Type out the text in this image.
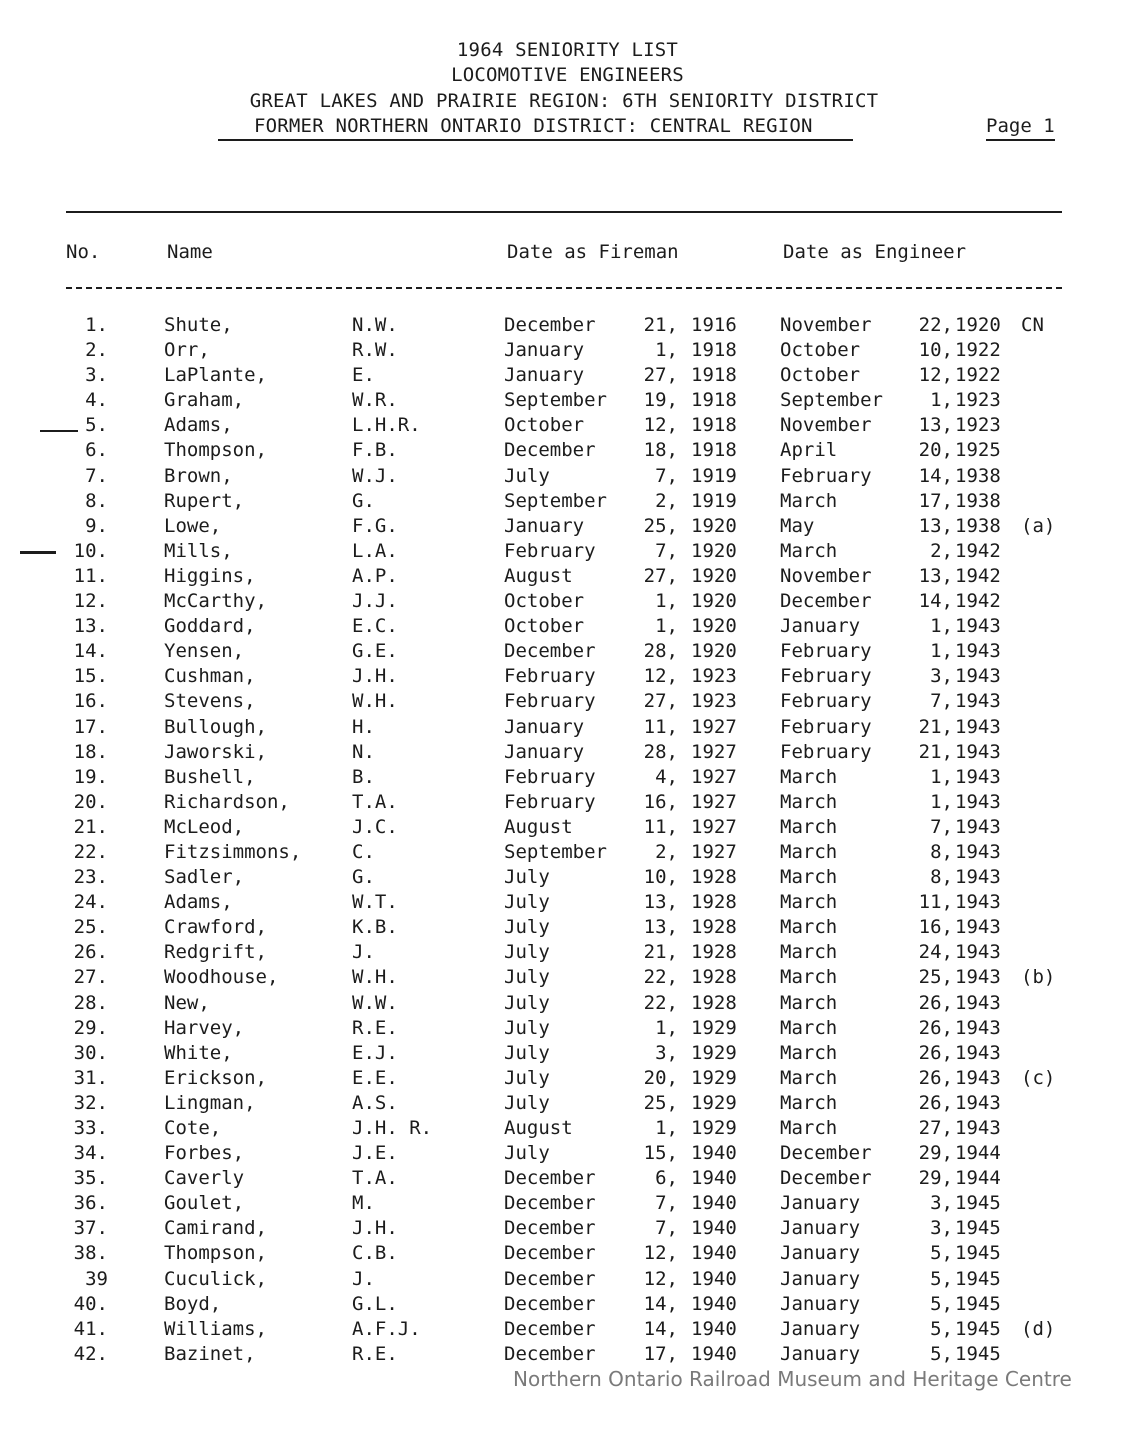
1964 SENIORITY LIST
LOCOMOTIVE ENGINEERS
GREAT LAKES AND PRAIRIE REGION: 6TH SENIORITY DISTRICT
FORMER NORTHERN ONTARIO DISTRICT: CENTRAL REGION	Page 1
No.	Name	Date as Fireman	Date as Engineer
1.	Shute,	N.W.	December	21, 1916 November	22, 1920 CN
2.	Orr,	R.W.	January	1, 1918 October	10, 1922
3.	LaPlante,	E.	January	27, 1918 October	12, 1922
4.	Graham,	W.R.	September	19, 1918 September	1, 1923
5.	Adams,	L.H.R.	October	12, 1918 November	13, 1923
6.	Thompson,	F.B.	December	18, 1918 April	20, 1925
7.	Brown,	W.J.	July	7, 1919 February	14, 1938
8.	Rupert,	G.	September	2, 1919 March	17, 1938
9.	Lowe,	F.G.	January	25, 1920 May	13, 1938 (a)
10.	Mills,	L.A.	February	7, 1920 March	2, 1942
11.	Higgins,	A.P.	August	27, 1920 November	13, 1942
12.	McCarthy,	J.J.	October	1, 1920 December	14, 1942
13.	Goddard,	E.C.	October	1, 1920 January	1, 1943
14.	Yensen,	G.E.	December	28, 1920 February	1, 1943
15.	Cushman,	J.H.	February	12, 1923 February	3, 1943
16.	Stevens,	W.H.	February	27, 1923 February	7, 1943
17.	Bullough,	H.	January	11, 1927 February	21, 1943
18.	Jaworski,	N.	January	28, 1927 February	21, 1943
19.	Bushell,	B.	February	4, 1927 March	1, 1943
20.	Richardson,	T.A.	February	16, 1927 March	1, 1943
21.	McLeod,	J.C.	August	11, 1927 March	7, 1943
22.	Fitzsimmons,	C.	September	2, 1927 March	8, 1943
23.	Sadler,	G.	July	10, 1928 March	8, 1943
24.	Adams,	W.T.	July	13, 1928 March	11, 1943
25.	Crawford,	K.B.	July	13, 1928 March	16, 1943
26.	Redgrift,	J.	July	21, 1928 March	24, 1943
27.	Woodhouse,	W.H.	July	22, 1928 March	25, 1943 (b)
28.	New,	W.W.	July	22, 1928 March	26, 1943
29.	Harvey,	R.E.	July	1, 1929 March	26, 1943
30.	White,	E.J.	July	3, 1929 March	26, 1943
31.	Erickson,	E.E.	July	20, 1929 March	26, 1943 (c)
32.	Lingman,	A.S.	July	25, 1929 March	26, 1943
33.	Cote,	J.H. R.	August	1, 1929 March	27, 1943
34.	Forbes,	J.E.	July	15, 1940 December	29, 1944
35.	Caverly	T.A.	December	6, 1940 December	29, 1944
36.	Goulet,	M.	December	7, 1940 January	3, 1945
37.	Camirand,	J.H.	December	7, 1940 January	3, 1945
38.	Thompson,	C.B.	December	12, 1940 January	5, 1945
39	Cuculick,	J.	December	12, 1940 January	5, 1945
40.	Boyd,	G.L.	December	14, 1940 January	5, 1945
41.	Williams,	A.F.J.	December	14, 1940 January	5, 1945 (d)
42.	Bazinet,	R.E.	December	17, 1940 January	5, 1945
Northern Ontario Railroad Museum and Heritage Centre
